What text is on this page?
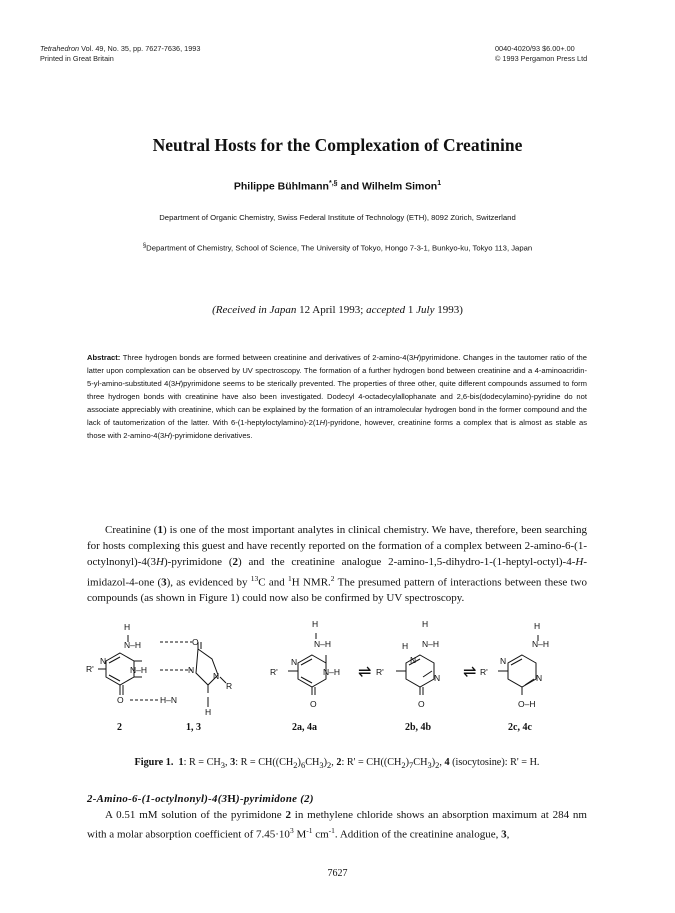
Tetrahedron Vol. 49, No. 35, pp. 7627-7636, 1993
Printed in Great Britain
0040-4020/93 $6.00+.00
© 1993 Pergamon Press Ltd
Neutral Hosts for the Complexation of Creatinine
Philippe Bühlmann*,§ and Wilhelm Simon$^1$
Department of Organic Chemistry, Swiss Federal Institute of Technology (ETH), 8092 Zürich, Switzerland
§Department of Chemistry, School of Science, The University of Tokyo, Hongo 7-3-1, Bunkyo-ku, Tokyo 113, Japan
(Received in Japan 12 April 1993; accepted 1 July 1993)
Abstract: Three hydrogen bonds are formed between creatinine and derivatives of 2-amino-4(3H)pyrimidone. Changes in the tautomer ratio of the latter upon complexation can be observed by UV spectroscopy. The formation of a further hydrogen bond between creatinine and a 4-aminoacridin-5-yl-amino-substituted 4(3H)pyrimidone seems to be sterically prevented. The properties of three other, quite different compounds assumed to form three hydrogen bonds with creatinine have also been investigated. Dodecyl 4-octadecylallophanate and 2,6-bis(dodecylamino)-pyridine do not associate appreciably with creatinine, which can be explained by the formation of an intramolecular hydrogen bond in the former compound and the lack of tautomerization of the latter. With 6-(1-heptyloctylamino)-2(1H)-pyridone, however, creatinine forms a complex that is almost as stable as those with 2-amino-4(3H)-pyrimidone derivatives.
Creatinine (1) is one of the most important analytes in clinical chemistry. We have, therefore, been searching for hosts complexing this guest and have recently reported on the formation of a complex between 2-amino-6-(1-octylnonyl)-4(3H)-pyrimidone (2) and the creatinine analogue 2-amino-1,5-dihydro-1-(1-heptyl-octyl)-4-H-imidazol-4-one (3), as evidenced by $^{13}$C and $^1$H NMR.$^2$ The presumed pattern of interactions between these two compounds (as shown in Figure 1) could now also be confirmed by UV spectroscopy.
H
N–H	O
N
R'	N–H	N
N
R
O	H–N
H
H
N–H
N
R'	N–H
O
⇌
H
H
N–H
N
R'
N
O
⇌
H
N–H
N
R'
N
O–H
2	1, 3	2a, 4a	2b, 4b	2c, 4c
Figure 1. 1: $R = CH_3$, 3: $R = CH((CH_2)_6CH_3)_2$, 2: $R' = CH((CH_2)_7CH_3)_2$, 4 (isocytosine): R' = H.
2-Amino-6-(1-octylnonyl)-4(3H)-pyrimidone (2)
A 0.51 mM solution of the pyrimidone 2 in methylene chloride shows an absorption maximum at 284 nm with a molar absorption coefficient of $7.45\cdot 10^3$ $M^{-1}$ $cm^{-1}$. Addition of the creatinine analogue, 3,
7627
